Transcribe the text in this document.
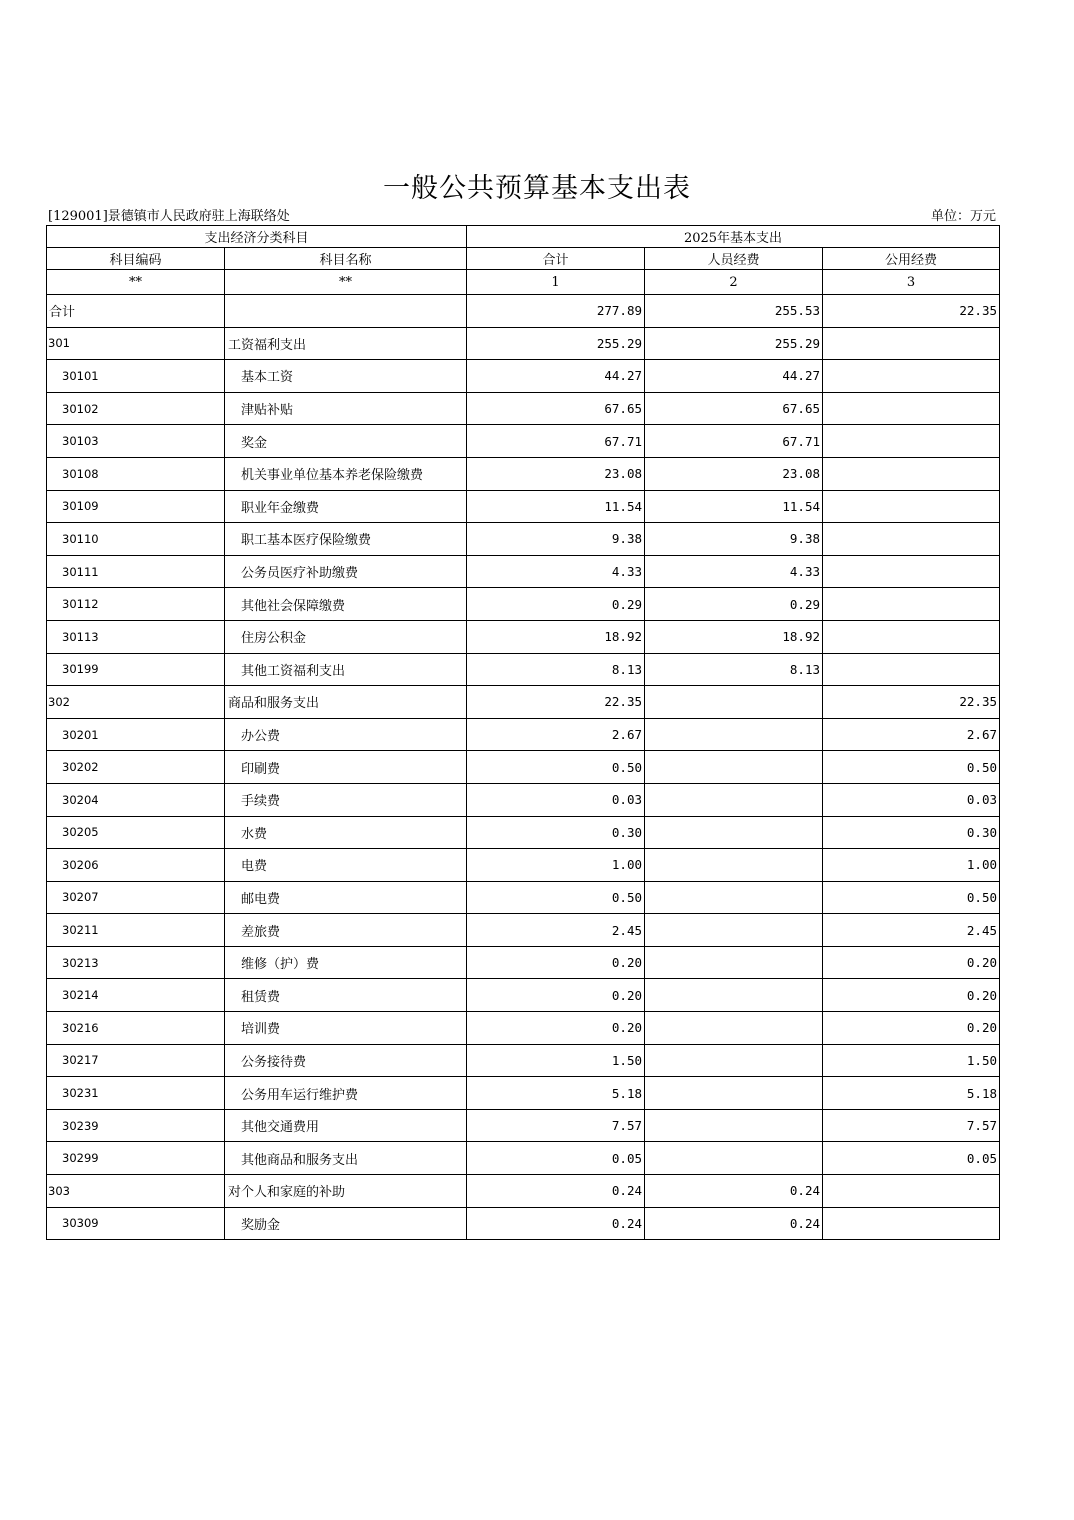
一般公共预算基本支出表
[129001]景德镇市人民政府驻上海联络处	单位：万元
支出经济分类科目		2025年基本支出		
科目编码	科目名称	合计	人员经费	公用经费
**	**	1	2	3
合计		277.89	255.53	22.35
301	工资福利支出	255.29	255.29	
30101	基本工资	44.27	44.27	
30102	津贴补贴	67.65	67.65	
30103	奖金	67.71	67.71	
30108	机关事业单位基本养老保险缴费	23.08	23.08	
30109	职业年金缴费	11.54	11.54	
30110	职工基本医疗保险缴费	9.38	9.38	
30111	公务员医疗补助缴费	4.33	4.33	
30112	其他社会保障缴费	0.29	0.29	
30113	住房公积金	18.92	18.92	
30199	其他工资福利支出	8.13	8.13	
302	商品和服务支出	22.35		22.35
30201	办公费	2.67		2.67
30202	印刷费	0.50		0.50
30204	手续费	0.03		0.03
30205	水费	0.30		0.30
30206	电费	1.00		1.00
30207	邮电费	0.50		0.50
30211	差旅费	2.45		2.45
30213	维修（护）费	0.20		0.20
30214	租赁费	0.20		0.20
30216	培训费	0.20		0.20
30217	公务接待费	1.50		1.50
30231	公务用车运行维护费	5.18		5.18
30239	其他交通费用	7.57		7.57
30299	其他商品和服务支出	0.05		0.05
303	对个人和家庭的补助	0.24	0.24	
30309	奖励金	0.24	0.24	
